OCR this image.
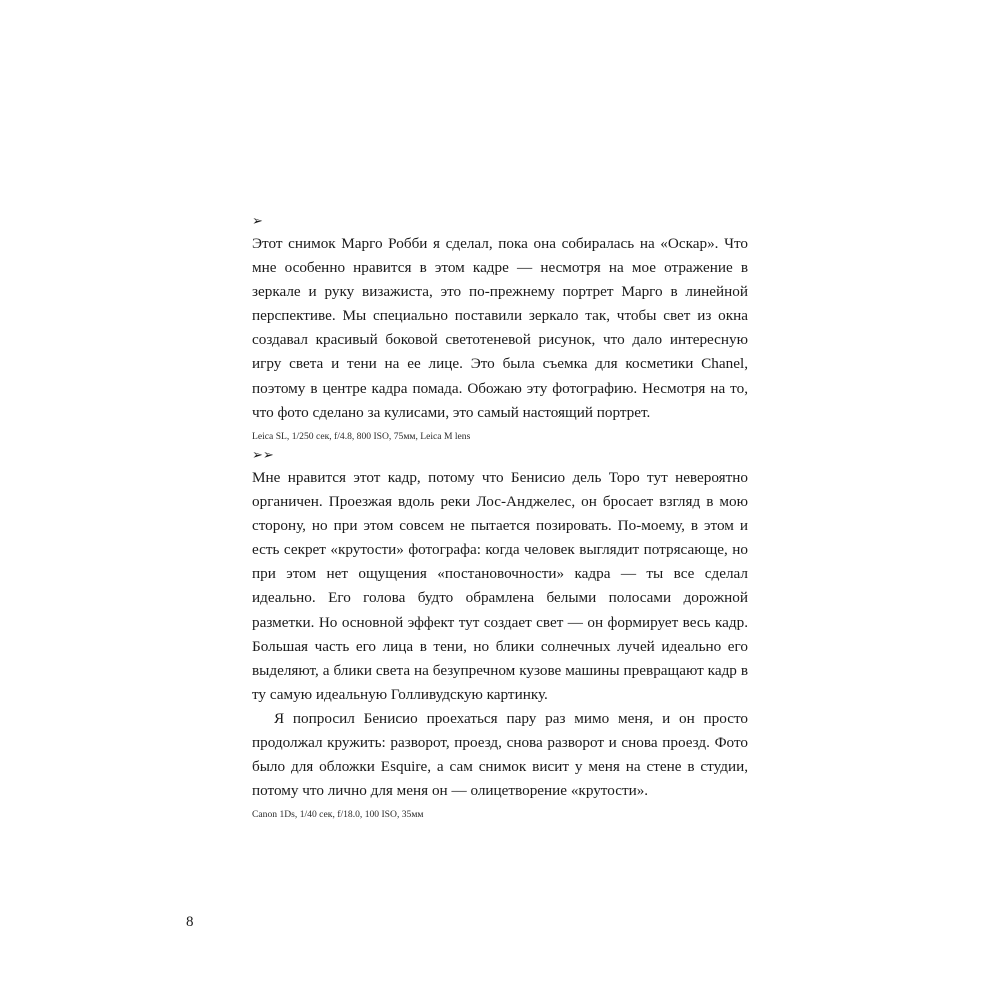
➢

Этот снимок Марго Робби я сделал, пока она собиралась на «Оскар». Что мне особенно нравится в этом кадре — несмотря на мое отражение в зеркале и руку визажиста, это по-прежнему портрет Марго в линейной перспективе. Мы специально поставили зеркало так, чтобы свет из окна создавал красивый боковой светотеневой рисунок, что дало интересную игру света и тени на ее лице. Это была съемка для косметики Chanel, поэтому в центре кадра помада. Обожаю эту фотографию. Несмотря на то, что фото сделано за кулисами, это самый настоящий портрет.

Leica SL, 1/250 сек, f/4.8, 800 ISO, 75мм, Leica M lens
➢➢

Мне нравится этот кадр, потому что Бенисио дель Торо тут невероятно органичен. Проезжая вдоль реки Лос-Анджелес, он бросает взгляд в мою сторону, но при этом совсем не пытается позировать. По-моему, в этом и есть секрет «крутости» фотографа: когда человек выглядит потрясающе, но при этом нет ощущения «постановочности» кадра — ты все сделал идеально. Его голова будто обрамлена белыми полосами дорожной разметки. Но основной эффект тут создает свет — он формирует весь кадр. Большая часть его лица в тени, но блики солнечных лучей идеально его выделяют, а блики света на безупречном кузове машины превращают кадр в ту самую идеальную Голливудскую картинку.

Я попросил Бенисио проехаться пару раз мимо меня, и он просто продолжал кружить: разворот, проезд, снова разворот и снова проезд. Фото было для обложки Esquire, а сам снимок висит у меня на стене в студии, потому что лично для меня он — олицетворение «крутости».

Canon 1Ds, 1/40 сек, f/18.0, 100 ISO, 35мм
8
